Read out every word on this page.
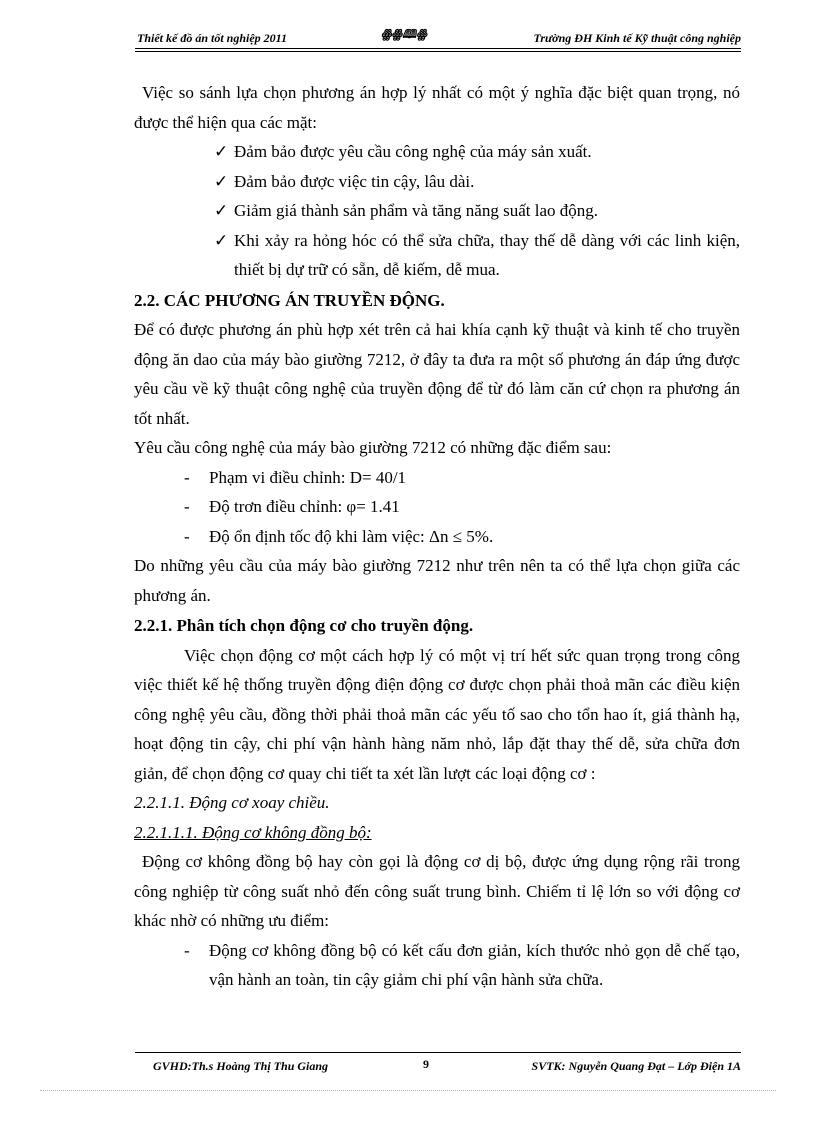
Thiết kế đồ án tốt nghiệp 2011	ꙮꙮ🕮ꙮ	Trường ĐH Kinh tế Kỹ thuật công nghiệp

Việc so sánh lựa chọn phương án hợp lý nhất có một ý nghĩa đặc biệt quan trọng, nó được thể hiện qua các mặt:

✓ Đảm bảo được yêu cầu công nghệ của máy sản xuất.
✓ Đảm bảo được việc tin cậy, lâu dài.
✓ Giảm giá thành sản phẩm và tăng năng suất lao động.
✓ Khi xảy ra hỏng hóc có thể sửa chữa, thay thế dễ dàng với các linh kiện, thiết bị dự trữ có sẵn, dễ kiếm, dễ mua.

2.2. CÁC PHƯƠNG ÁN TRUYỀN ĐỘNG.

Để có được phương án phù hợp xét trên cả hai khía cạnh kỹ thuật và kinh tế cho truyền động ăn dao của máy bào giường 7212, ở đây ta đưa ra một số phương án đáp ứng được yêu cầu về kỹ thuật công nghệ của truyền động để từ đó làm căn cứ chọn ra phương án tốt nhất.

Yêu cầu công nghệ của máy bào giường 7212 có những đặc điểm sau:

- Phạm vi điều chỉnh: D= 40/1
- Độ trơn điều chỉnh: φ= 1.41
- Độ ổn định tốc độ khi làm việc: Δn ≤ 5%.

Do những yêu cầu của máy bào giường 7212 như trên nên ta có thể lựa chọn giữa các phương án.

2.2.1. Phân tích chọn động cơ cho truyền động.

Việc chọn động cơ một cách hợp lý có một vị trí hết sức quan trọng trong công việc thiết kế hệ thống truyền động điện động cơ được chọn phải thoả mãn các điều kiện công nghệ yêu cầu, đồng thời phải thoả mãn các yếu tố sao cho tổn hao ít, giá thành hạ, hoạt động tin cậy, chi phí vận hành hàng năm nhỏ, lắp đặt thay thế dễ, sửa chữa đơn giản, để chọn động cơ quay chi tiết ta xét lần lượt các loại động cơ :

2.2.1.1. Động cơ xoay chiều.

2.2.1.1.1. Động cơ không đồng bộ:

Động cơ không đồng bộ hay còn gọi là động cơ dị bộ, được ứng dụng rộng rãi trong công nghiệp từ công suất nhỏ đến công suất trung bình. Chiếm tỉ lệ lớn so với động cơ khác nhờ có những ưu điểm:

- Động cơ không đồng bộ có kết cấu đơn giản, kích thước nhỏ gọn dễ chế tạo, vận hành an toàn, tin cậy giảm chi phí vận hành sửa chữa.
GVHD:Th.s Hoàng Thị Thu Giang	9	SVTK: Nguyễn Quang Đạt – Lớp Điện 1A
